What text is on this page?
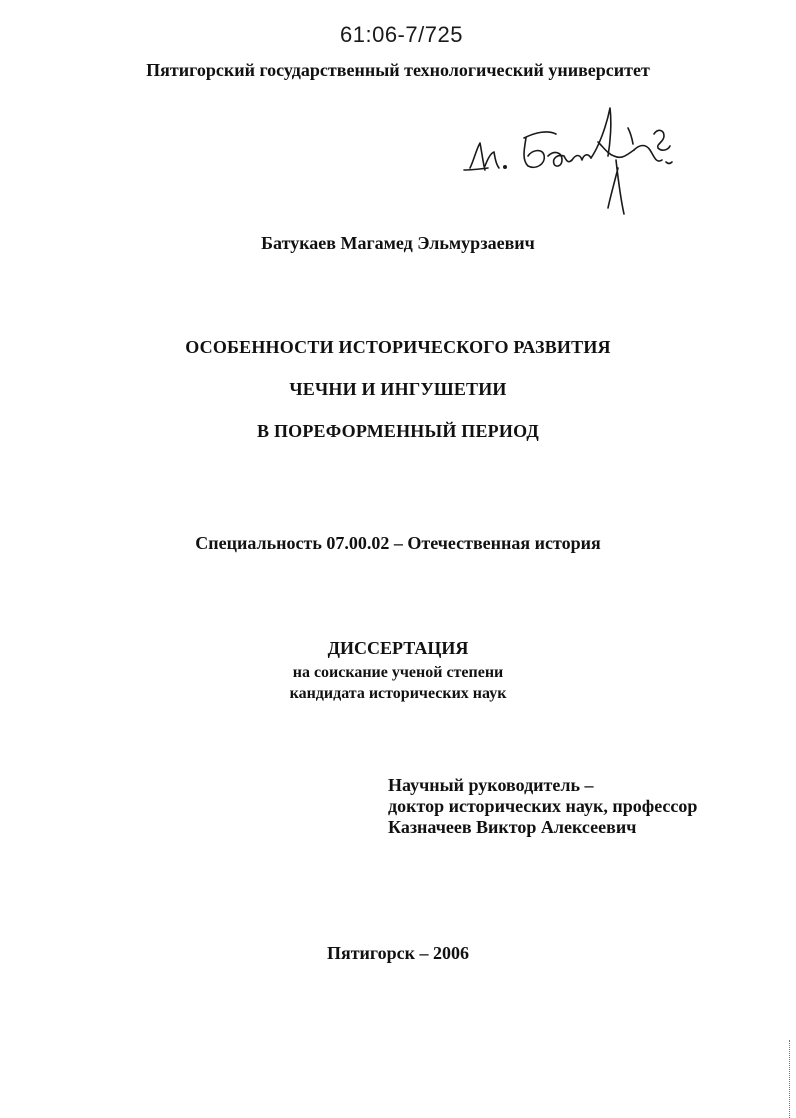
61:06-7/725
Пятигорский государственный технологический университет
Батукаев Магамед Эльмурзаевич
ОСОБЕННОСТИ ИСТОРИЧЕСКОГО РАЗВИТИЯ
ЧЕЧНИ И ИНГУШЕТИИ
В ПОРЕФОРМЕННЫЙ ПЕРИОД
Специальность 07.00.02 – Отечественная история
ДИССЕРТАЦИЯ
на соискание ученой степени
кандидата исторических наук
Научный руководитель –
доктор исторических наук, профессор
Казначеев Виктор Алексеевич
Пятигорск – 2006
